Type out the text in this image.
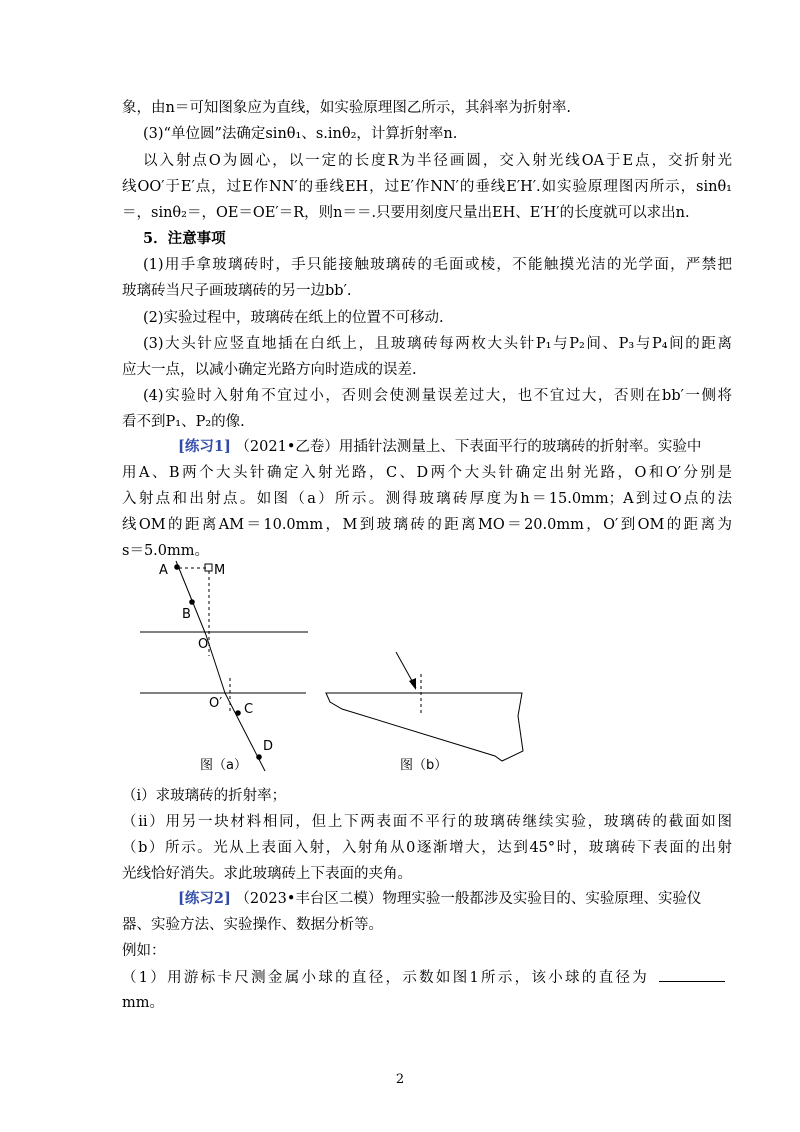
象，由n＝可知图象应为直线，如实验原理图乙所示，其斜率为折射率.
(3)“单位圆”法确定sinθ₁、s.inθ₂，计算折射率n.
以入射点O为圆心，以一定的长度R为半径画圆，交入射光线OA于E点，交折射光
线OO′于E′点，过E作NN′的垂线EH，过E′作NN′的垂线E′H′.如实验原理图丙所示，sinθ₁
＝，sinθ₂＝，OE＝OE′＝R，则n＝＝.只要用刻度尺量出EH、E′H′的长度就可以求出n.
5．注意事项
(1)用手拿玻璃砖时，手只能接触玻璃砖的毛面或棱，不能触摸光洁的光学面，严禁把
玻璃砖当尺子画玻璃砖的另一边bb′.
(2)实验过程中，玻璃砖在纸上的位置不可移动.
(3)大头针应竖直地插在白纸上，且玻璃砖每两枚大头针P₁与P₂间、P₃与P₄间的距离
应大一点，以减小确定光路方向时造成的误差.
(4)实验时入射角不宜过小，否则会使测量误差过大，也不宜过大，否则在bb′一侧将
看不到P₁、P₂的像.
[练习1] （2021•乙卷）用插针法测量上、下表面平行的玻璃砖的折射率。实验中
用A、B两个大头针确定入射光路，C、D两个大头针确定出射光路，O和O′分别是
入射点和出射点。如图（a）所示。测得玻璃砖厚度为h＝15.0mm；A到过O点的法
线OM的距离AM＝10.0mm，M到玻璃砖的距离MO＝20.0mm，O′到OM的距离为
s＝5.0mm。
A	M
B
O
O′ C
D
图（a）	图（b）
（ⅰ）求玻璃砖的折射率；
（ⅱ）用另一块材料相同，但上下两表面不平行的玻璃砖继续实验，玻璃砖的截面如图
（b）所示。光从上表面入射，入射角从0逐渐增大，达到45°时，玻璃砖下表面的出射
光线恰好消失。求此玻璃砖上下表面的夹角。
[练习2] （2023•丰台区二模）物理实验一般都涉及实验目的、实验原理、实验仪
器、实验方法、实验操作、数据分析等。
例如：
（1）用游标卡尺测金属小球的直径，示数如图1所示，该小球的直径为
mm。
2
